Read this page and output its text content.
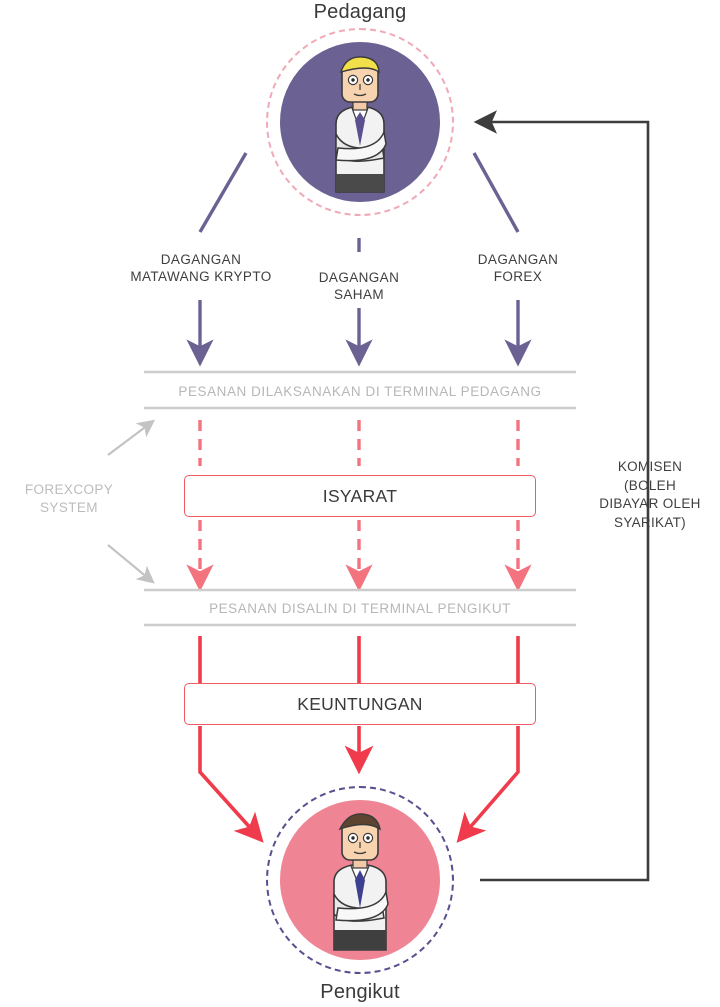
Pedagang
Pengikut
DAGANGAN
MATAWANG KRYPTO	DAGANGAN
SAHAM
DAGANGAN
FOREX
PESANAN DILAKSANAKAN DI TERMINAL PEDAGANG
PESANAN DISALIN DI TERMINAL PENGIKUT
ISYARAT
KEUNTUNGAN
FOREXCOPY
SYSTEM
KOMISEN
(BOLEH
DIBAYAR OLEH
SYARIKAT)
